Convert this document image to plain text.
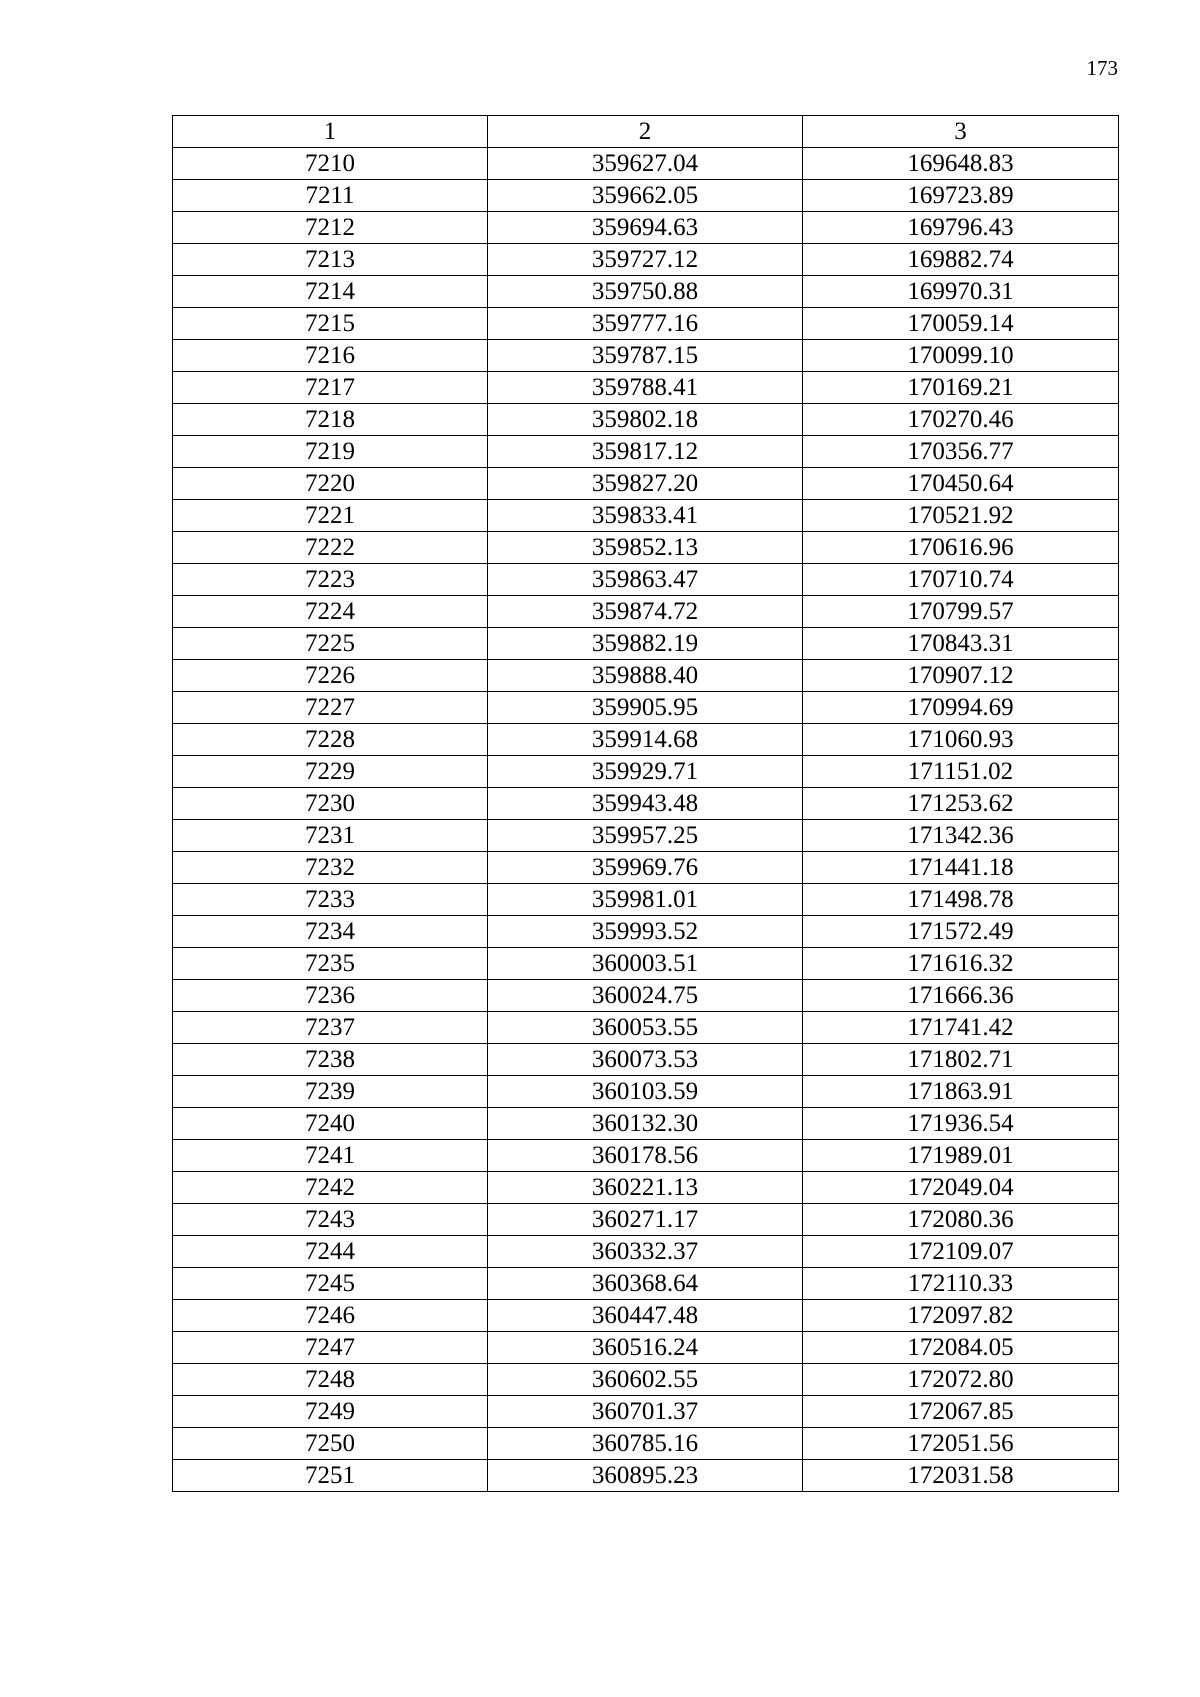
173
1	2	3
7210	359627.04	169648.83
7211	359662.05	169723.89
7212	359694.63	169796.43
7213	359727.12	169882.74
7214	359750.88	169970.31
7215	359777.16	170059.14
7216	359787.15	170099.10
7217	359788.41	170169.21
7218	359802.18	170270.46
7219	359817.12	170356.77
7220	359827.20	170450.64
7221	359833.41	170521.92
7222	359852.13	170616.96
7223	359863.47	170710.74
7224	359874.72	170799.57
7225	359882.19	170843.31
7226	359888.40	170907.12
7227	359905.95	170994.69
7228	359914.68	171060.93
7229	359929.71	171151.02
7230	359943.48	171253.62
7231	359957.25	171342.36
7232	359969.76	171441.18
7233	359981.01	171498.78
7234	359993.52	171572.49
7235	360003.51	171616.32
7236	360024.75	171666.36
7237	360053.55	171741.42
7238	360073.53	171802.71
7239	360103.59	171863.91
7240	360132.30	171936.54
7241	360178.56	171989.01
7242	360221.13	172049.04
7243	360271.17	172080.36
7244	360332.37	172109.07
7245	360368.64	172110.33
7246	360447.48	172097.82
7247	360516.24	172084.05
7248	360602.55	172072.80
7249	360701.37	172067.85
7250	360785.16	172051.56
7251	360895.23	172031.58
